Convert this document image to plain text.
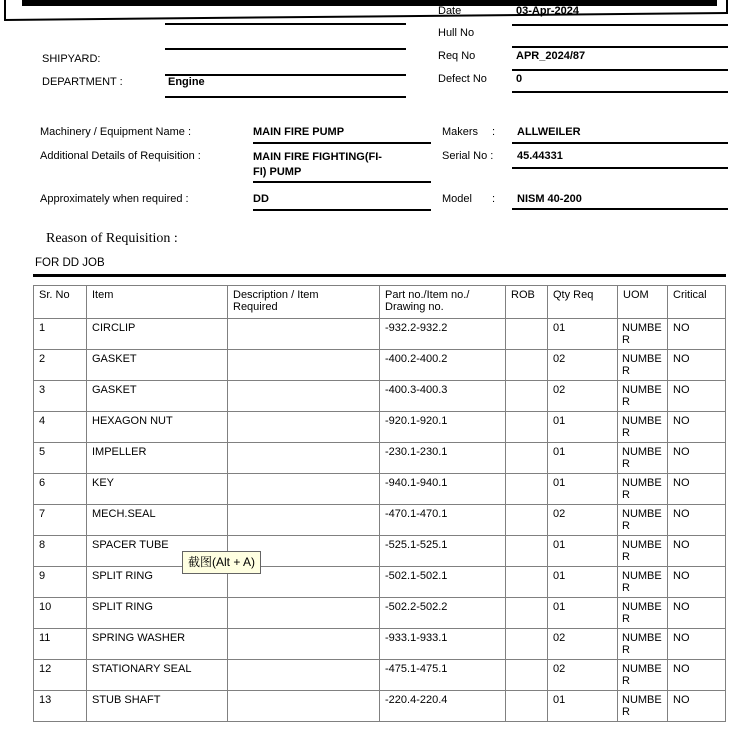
Date	03-Apr-2024
Hull No
Req No	APR_2024/87
Defect No	0
SHIPYARD:
DEPARTMENT :	Engine
Machinery / Equipment Name :	MAIN FIRE PUMP
Additional Details of Requisition :	MAIN FIRE FIGHTING(FI-FI) PUMP
Approximately when required :	DD
Makers : ALLWEILER
Serial No : 45.44331
Model : NISM 40-200
Reason of Requisition :
FOR DD JOB
Sr. No	Item	Description / Item Required	Part no./Item no./ Drawing no.	ROB	Qty Req	UOM	Critical
1	CIRCLIP		-932.2-932.2		01	NUMBER	NO
2	GASKET		-400.2-400.2		02	NUMBER	NO
3	GASKET		-400.3-400.3		02	NUMBER	NO
4	HEXAGON NUT		-920.1-920.1		01	NUMBER	NO
5	IMPELLER		-230.1-230.1		01	NUMBER	NO
6	KEY		-940.1-940.1		01	NUMBER	NO
7	MECH.SEAL		-470.1-470.1		02	NUMBER	NO
8	SPACER TUBE		-525.1-525.1		01	NUMBER	NO
9	SPLIT RING		-502.1-502.1		01	NUMBER	NO
10	SPLIT RING		-502.2-502.2		01	NUMBER	NO
11	SPRING WASHER		-933.1-933.1		02	NUMBER	NO
12	STATIONARY SEAL		-475.1-475.1		02	NUMBER	NO
13	STUB SHAFT		-220.4-220.4		01	NUMBER	NO
截图(Alt + A)
